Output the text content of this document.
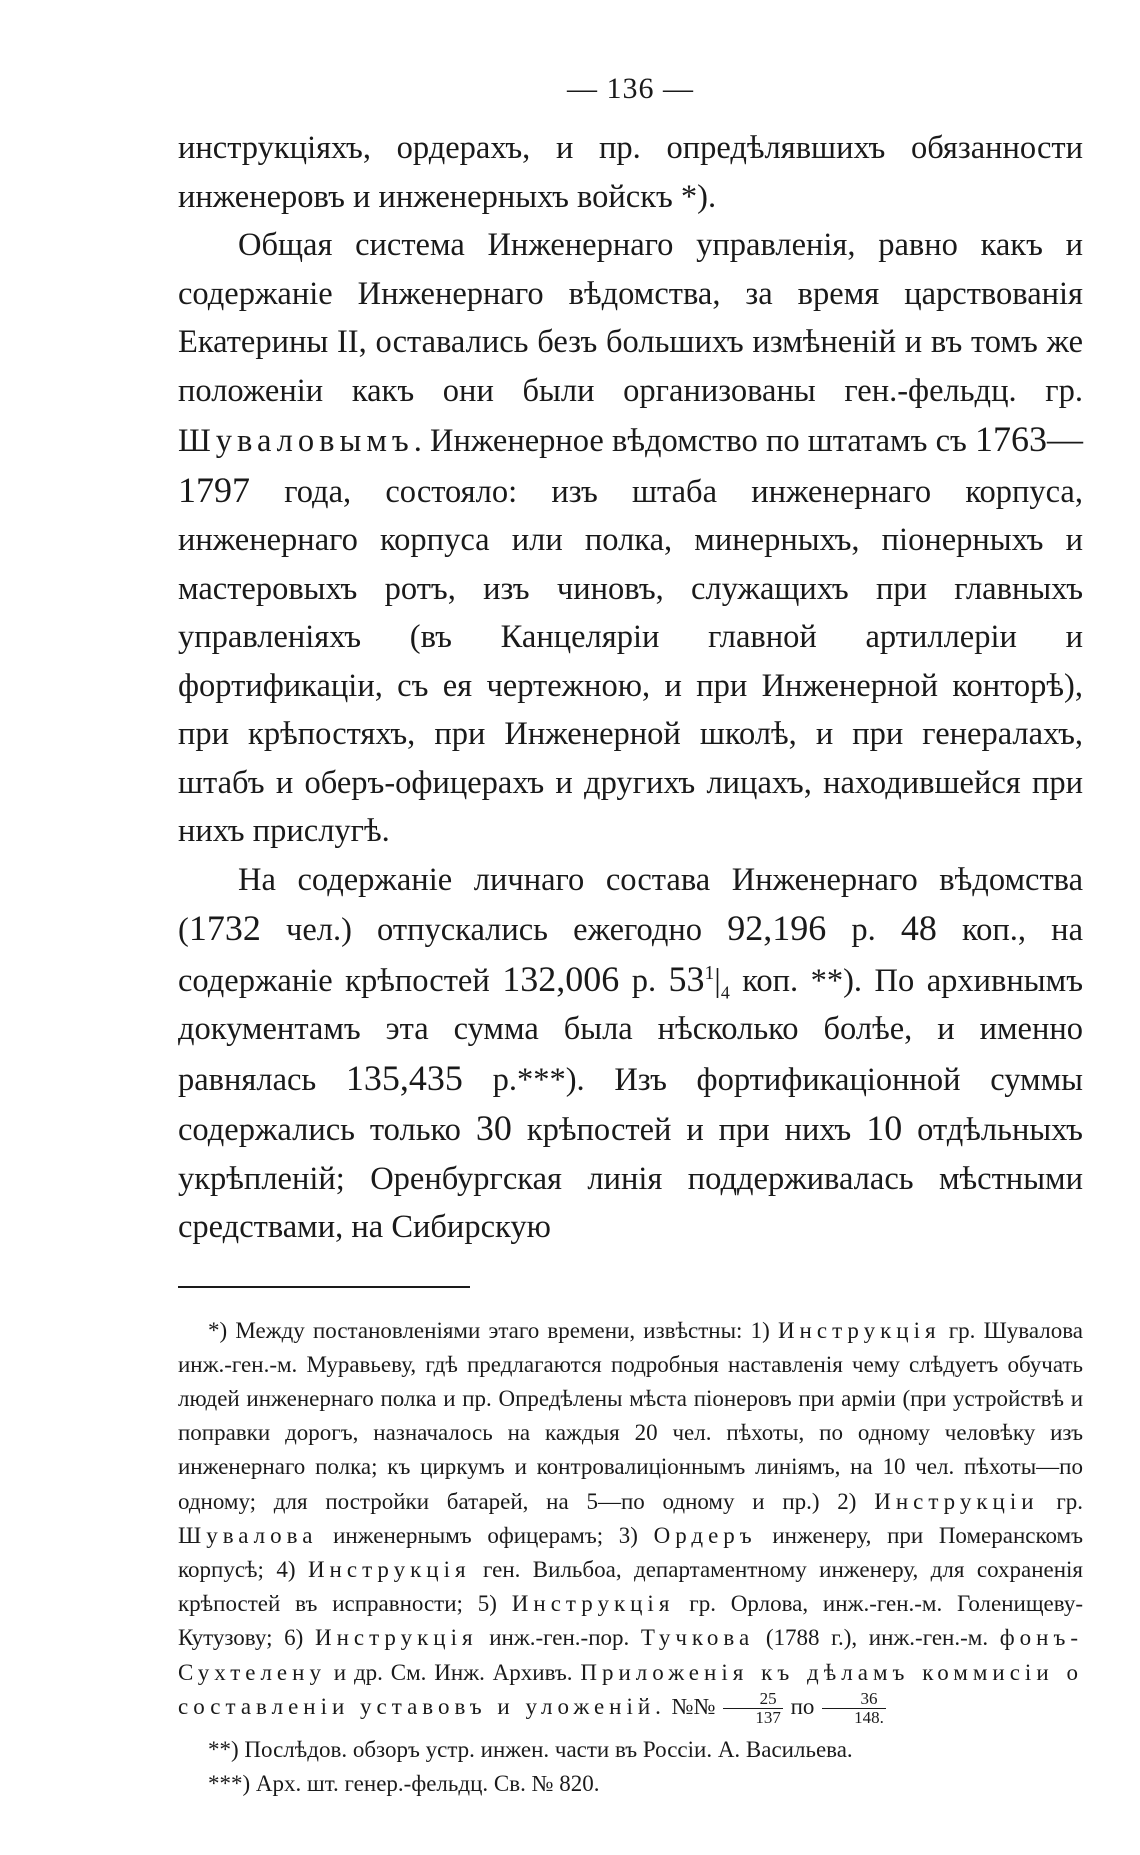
— 136 —

инструкціяхъ, ордерахъ, и пр. опредѣлявшихъ обязанности инженеровъ и инженерныхъ войскъ *).

Общая система Инженернаго управленія, равно какъ и содержаніе Инженернаго вѣдомства, за время царствованія Екатерины II, оставались безъ большихъ измѣненій и въ томъ же положеніи какъ они были организованы ген.-фельдц. гр. Шуваловымъ. Инженерное вѣдомство по штатамъ съ 1763—1797 года, состояло: изъ штаба инженернаго корпуса, инженернаго корпуса или полка, минерныхъ, піонерныхъ и мастеровыхъ ротъ, изъ чиновъ, служащихъ при главныхъ управленіяхъ (въ Канцеляріи главной артиллеріи и фортификаціи, съ ея чертежною, и при Инженерной конторѣ), при крѣпостяхъ, при Инженерной школѣ, и при генералахъ, штабъ и оберъ-офицерахъ и другихъ лицахъ, находившейся при нихъ прислугѣ.

На содержаніе личнаго состава Инженернаго вѣдомства (1732 чел.) отпускались ежегодно 92,196 р. 48 коп., на содержаніе крѣпостей 132,006 р. $53^1|_4$ коп. **). По архивнымъ документамъ эта сумма была нѣсколько болѣе, и именно равнялась 135,435 р.***). Изъ фортификаціонной суммы содержались только 30 крѣпостей и при нихъ 10 отдѣльныхъ укрѣпленій; Оренбургская линія поддерживалась мѣстными средствами, на Сибирскую

*) Между постановленіями этаго времени, извѣстны: 1) Инструкція гр. Шувалова инж.-ген.-м. Муравьеву, гдѣ предлагаются подробныя наставленія чему слѣдуетъ обучать людей инженернаго полка и пр. Опредѣлены мѣста піонеровъ при арміи (при устройствѣ и поправки дорогъ, назначалось на каждыя 20 чел. пѣхоты, по одному человѣку изъ инженернаго полка; къ циркумъ и контровалиціоннымъ линіямъ, на 10 чел. пѣхоты—по одному; для постройки батарей, на 5—по одному и пр.) 2) Инструкціи гр. Шувалова инженернымъ офицерамъ; 3) Ордеръ инженеру, при Померанскомъ корпусѣ; 4) Инструкція ген. Вильбоа, департаментному инженеру, для сохраненія крѣпостей въ исправности; 5) Инструкція гр. Орлова, инж.-ген.-м. Голенищеву-Кутузову; 6) Инструкція инж.-ген.-пор. Тучкова (1788 г.), инж.-ген.-м. фонъ-Сухтелену и др. См. Инж. Архивъ. Приложенія къ дѣламъ коммисіи о составленіи уставовъ и уложеній. №№ $\frac{25}{137}$ по $\frac{36}{148.}$

**) Послѣдов. обзоръ устр. инжен. части въ Россіи. А. Васильева.

***) Арх. шт. генер.-фельдц. Св. № 820.
